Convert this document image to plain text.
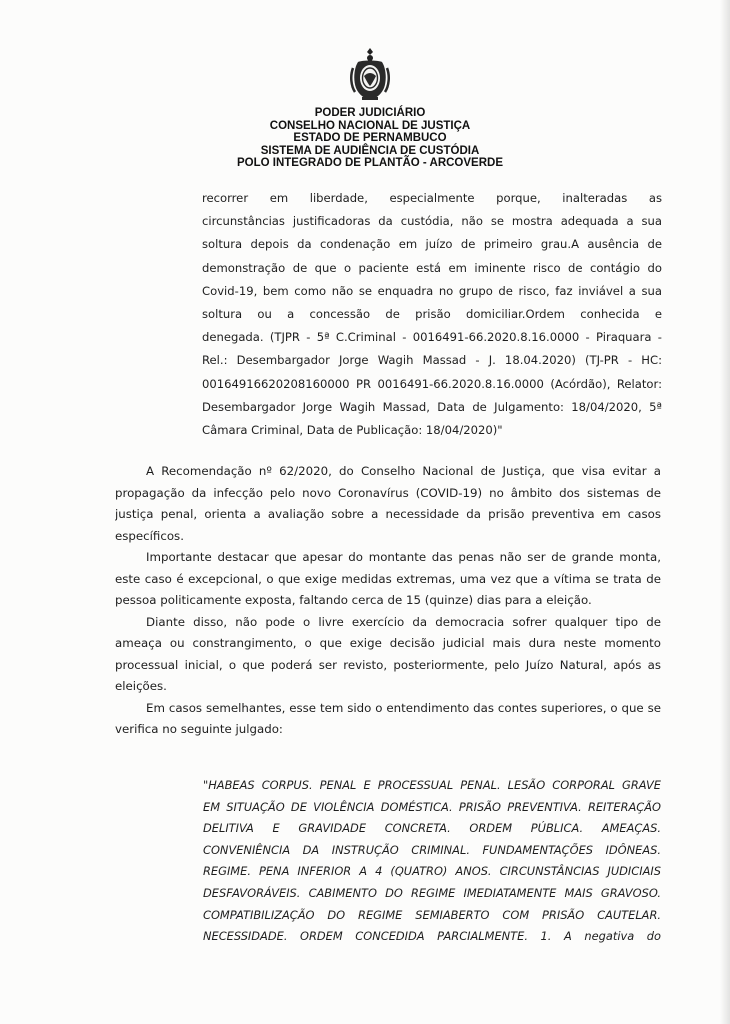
PODER JUDICIÁRIO
CONSELHO NACIONAL DE JUSTIÇA
ESTADO DE PERNAMBUCO
SISTEMA DE AUDIÊNCIA DE CUSTÓDIA
POLO INTEGRADO DE PLANTÃO - ARCOVERDE
recorrer em liberdade, especialmente porque, inalteradas as
circunstâncias justificadoras da custódia, não se mostra adequada a sua
soltura depois da condenação em juízo de primeiro grau.A ausência de
demonstração de que o paciente está em iminente risco de contágio do
Covid-19, bem como não se enquadra no grupo de risco, faz inviável a sua
soltura ou a concessão de prisão domiciliar.Ordem conhecida e
denegada. (TJPR - 5ª C.Criminal - 0016491-66.2020.8.16.0000 - Piraquara -
Rel.: Desembargador Jorge Wagih Massad - J. 18.04.2020) (TJ-PR - HC:
00164916620208160000 PR 0016491-66.2020.8.16.0000 (Acórdão), Relator:
Desembargador Jorge Wagih Massad, Data de Julgamento: 18/04/2020, 5ª
Câmara Criminal, Data de Publicação: 18/04/2020)"
A Recomendação nº 62/2020, do Conselho Nacional de Justiça, que visa evitar a
propagação da infecção pelo novo Coronavírus (COVID-19) no âmbito dos sistemas de
justiça penal, orienta a avaliação sobre a necessidade da prisão preventiva em casos
específicos.
Importante destacar que apesar do montante das penas não ser de grande monta,
este caso é excepcional, o que exige medidas extremas, uma vez que a vítima se trata de
pessoa politicamente exposta, faltando cerca de 15 (quinze) dias para a eleição.
Diante disso, não pode o livre exercício da democracia sofrer qualquer tipo de
ameaça ou constrangimento, o que exige decisão judicial mais dura neste momento
processual inicial, o que poderá ser revisto, posteriormente, pelo Juízo Natural, após as
eleições.
Em casos semelhantes, esse tem sido o entendimento das contes superiores, o que se
verifica no seguinte julgado:
"HABEAS CORPUS. PENAL E PROCESSUAL PENAL. LESÃO CORPORAL GRAVE
EM SITUAÇÃO DE VIOLÊNCIA DOMÉSTICA. PRISÃO PREVENTIVA. REITERAÇÃO
DELITIVA E GRAVIDADE CONCRETA. ORDEM PÚBLICA. AMEAÇAS.
CONVENIÊNCIA DA INSTRUÇÃO CRIMINAL. FUNDAMENTAÇÕES IDÔNEAS.
REGIME. PENA INFERIOR A 4 (QUATRO) ANOS. CIRCUNSTÂNCIAS JUDICIAIS
DESFAVORÁVEIS. CABIMENTO DO REGIME IMEDIATAMENTE MAIS GRAVOSO.
COMPATIBILIZAÇÃO DO REGIME SEMIABERTO COM PRISÃO CAUTELAR.
NECESSIDADE. ORDEM CONCEDIDA PARCIALMENTE. 1. A negativa do
